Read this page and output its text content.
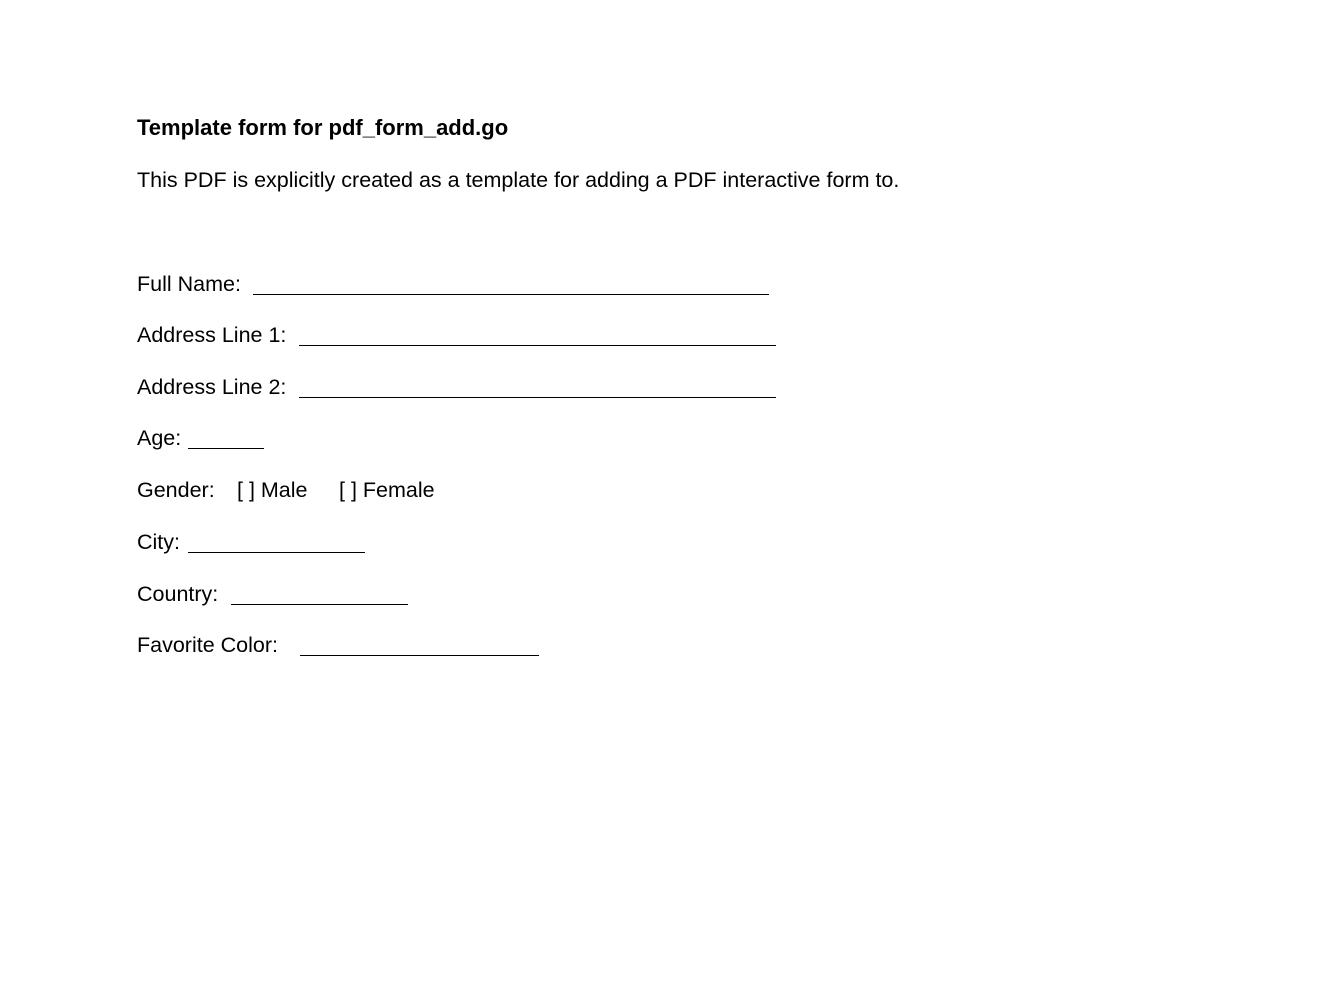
Template form for pdf_form_add.go
This PDF is explicitly created as a template for adding a PDF interactive form to.
Full Name:
Address Line 1:
Address Line 2:
Age:
Gender: [ ] Male [ ] Female
City:
Country:
Favorite Color:
